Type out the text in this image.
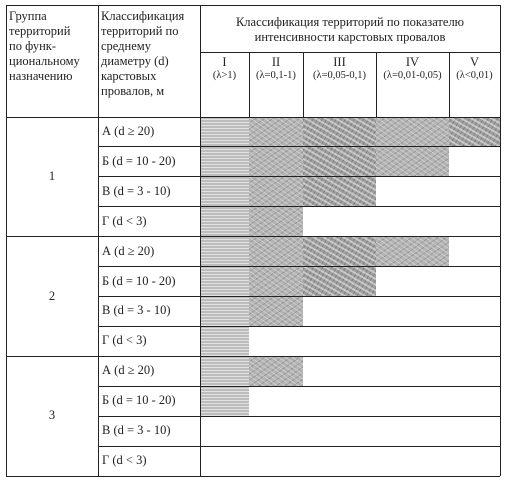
Группа
территорий
по функ-
циональному
назначению
Классификация
территорий по
среднему
диаметру (d)
карстовых
провалов, м
Классификация территорий по показателю
интенсивности карстовых провалов
I
(λ>1)
II
(λ=0,1-1)
III
(λ=0,05-0,1)
IV
(λ=0,01-0,05)
V
(λ<0,01)
1
А (d ≥ 20)
Б (d = 10 - 20)
В (d = 3 - 10)
Г (d < 3)
2
А (d ≥ 20)
Б (d = 10 - 20)
В (d = 3 - 10)
Г (d < 3)
3
А (d ≥ 20)
Б (d = 10 - 20)
В (d = 3 - 10)
Г (d < 3)
